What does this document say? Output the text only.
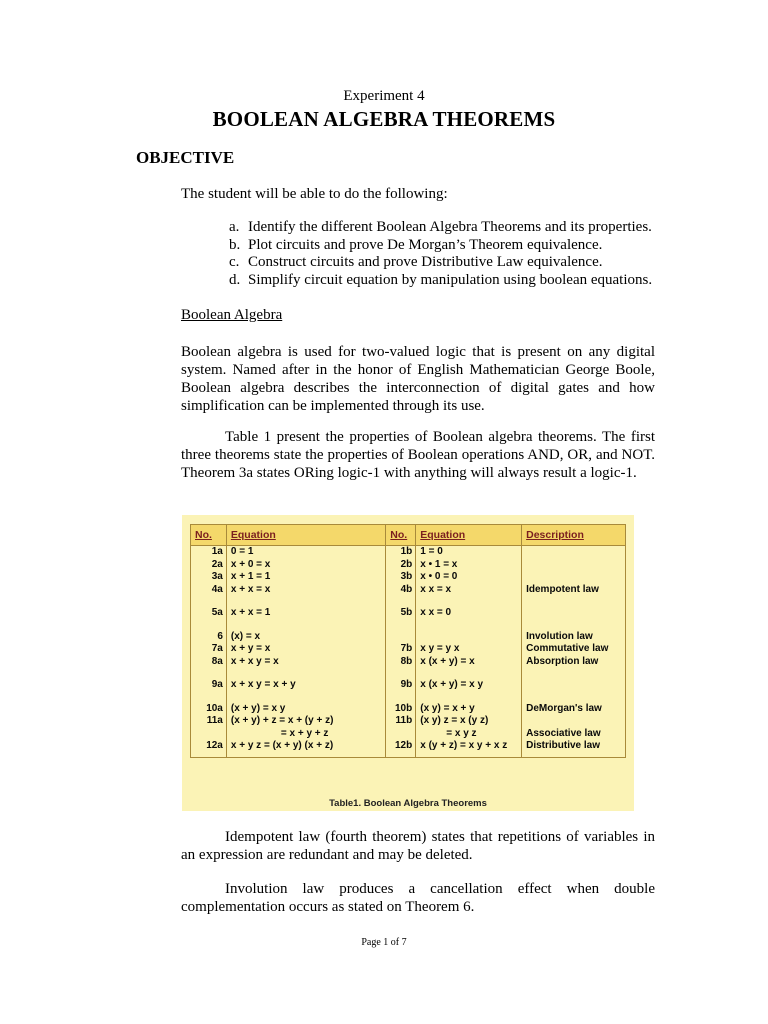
Experiment 4
BOOLEAN ALGEBRA THEOREMS
OBJECTIVE
The student will be able to do the following:
a. Identify the different Boolean Algebra Theorems and its properties.
b. Plot circuits and prove De Morgan’s Theorem equivalence.
c. Construct circuits and prove Distributive Law equivalence.
d. Simplify circuit equation by manipulation using boolean equations.
Boolean Algebra
Boolean algebra is used for two-valued logic that is present on any digital system. Named after in the honor of English Mathematician George Boole, Boolean algebra describes the interconnection of digital gates and how simplification can be implemented through its use.
Table 1 present the properties of Boolean algebra theorems. The first three theorems state the properties of Boolean operations AND, OR, and NOT. Theorem 3a states ORing logic-1 with anything will always result a logic-1.
No.	Equation	No.	Equation	Description
1a	0 = 1	1b	1 = 0	
2a	x + 0 = x	2b	x • 1 = x	
3a	x + 1 = 1	3b	x • 0 = 0	
4a	x + x = x	4b	x x = x	Idempotent law

5a	x + x = 1	5b	x x = 0	

6	(x) = x			Involution law
7a	x + y = x	7b	x y = y x	Commutative law
8a	x + x y = x	8b	x (x + y) = x	Absorption law

9a	x + x y = x + y	9b	x (x + y) = x y	

10a	(x + y) = x y	10b	(x y) = x + y	DeMorgan's law
11a	(x + y) + z = x + (y + z)	11b	(x y) z = x (y z)	
	= x + y + z		= x y z	Associative law
12a	x + y z = (x + y) (x + z)	12b	x (y + z) = x y + x z	Distributive law
Table1. Boolean Algebra Theorems
Idempotent law (fourth theorem) states that repetitions of variables in an expression are redundant and may be deleted.
Involution law produces a cancellation effect when double complementation occurs as stated on Theorem 6.
Page 1 of 7
